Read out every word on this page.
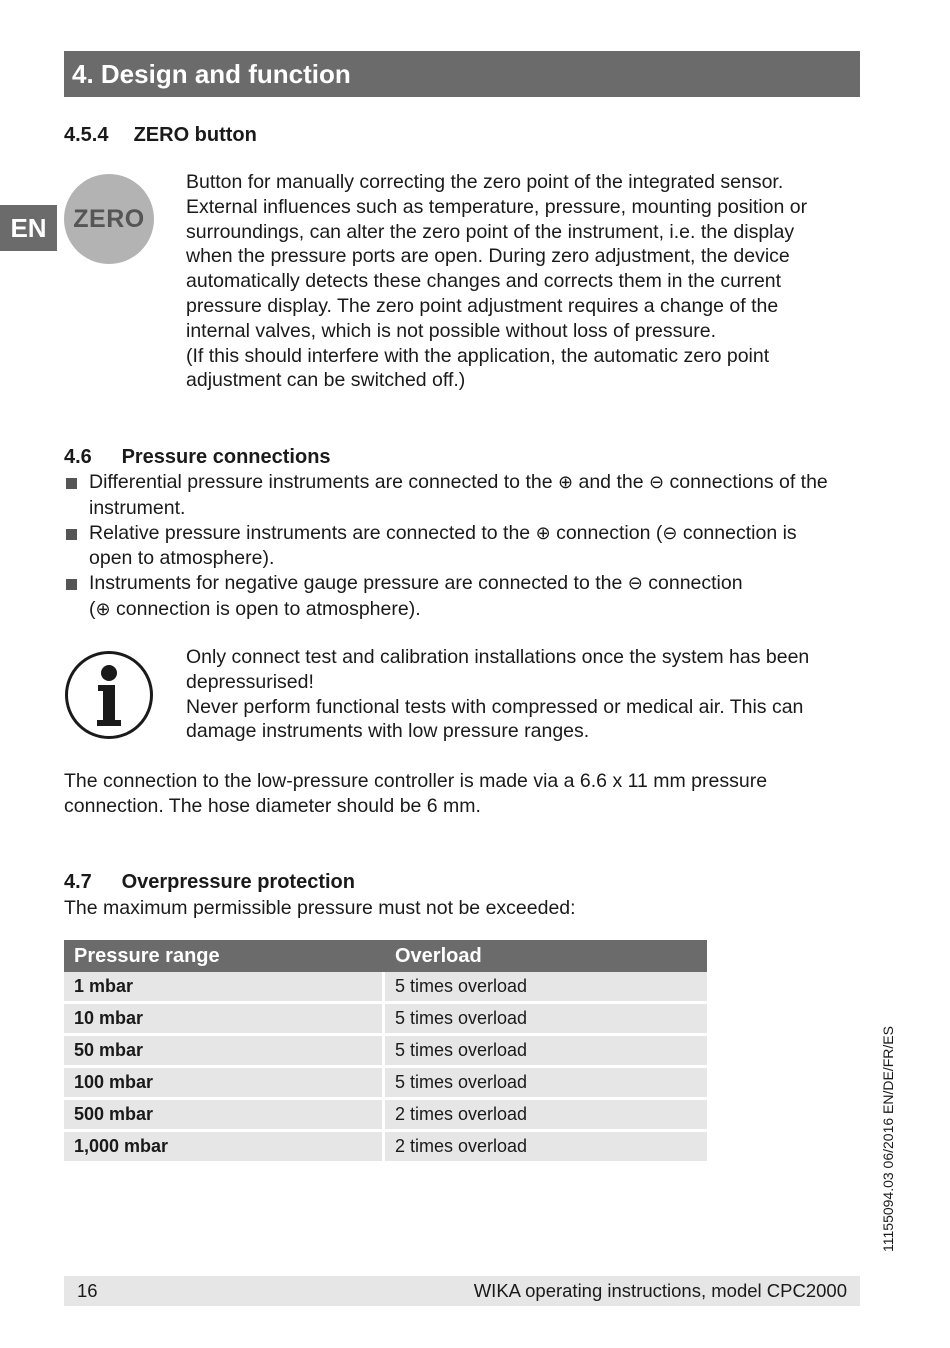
4. Design and function
EN
4.5.4 ZERO button
ZERO
Button for manually correcting the zero point of the integrated sensor.
External influences such as temperature, pressure, mounting position or
surroundings, can alter the zero point of the instrument, i.e. the display
when the pressure ports are open. During zero adjustment, the device
automatically detects these changes and corrects them in the current
pressure display. The zero point adjustment requires a change of the
internal valves, which is not possible without loss of pressure.
(If this should interfere with the application, the automatic zero point
adjustment can be switched off.)
4.6 Pressure connections
Differential pressure instruments are connected to the ⊕ and the ⊖ connections of the
instrument.
Relative pressure instruments are connected to the ⊕ connection (⊖ connection is
open to atmosphere).
Instruments for negative gauge pressure are connected to the ⊖ connection
(⊕ connection is open to atmosphere).
Only connect test and calibration installations once the system has been
depressurised!
Never perform functional tests with compressed or medical air. This can
damage instruments with low pressure ranges.
The connection to the low-pressure controller is made via a 6.6 x 11 mm pressure
connection. The hose diameter should be 6 mm.
4.7 Overpressure protection
The maximum permissible pressure must not be exceeded:
Pressure range	Overload
1 mbar	5 times overload
10 mbar	5 times overload
50 mbar	5 times overload
100 mbar	5 times overload
500 mbar	2 times overload
1,000 mbar	2 times overload	11155094.03 06/2016 EN/DE/FR/ES
16	WIKA operating instructions, model CPC2000
